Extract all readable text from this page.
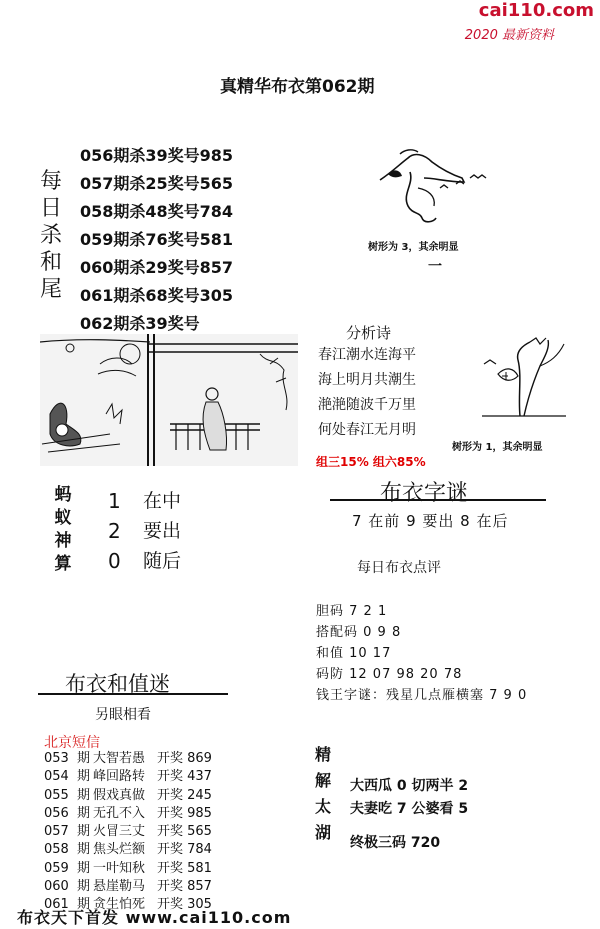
cai110.com
2020 最新资料
真精华布衣第062期
每
日
杀
和
尾
056期杀39奖号985
057期杀25奖号565
058期杀48奖号784
059期杀76奖号581
060期杀29奖号857
061期杀68奖号305
062期杀39奖号
树形为 3，其余明显
一
分析诗
春江潮水连海平
海上明月共潮生
滟滟随波千万里
何处春江无月明
树形为 1，其余明显
组三15% 组六85%
蚂
蚁
神
算
1
2
0
在中
要出
随后
布衣字谜
7 在前 9 要出 8 在后
每日布衣点评
胆码 7 2 1
搭配码 0 9 8
和值 10 17
码防 12 07 98 20 78
钱王字谜：残星几点雁横塞 7 9 0
布衣和值迷
另眼相看
北京短信
053 期 大智若愚 开奖 869
054 期 峰回路转 开奖 437
055 期 假戏真做 开奖 245
056 期 无孔不入 开奖 985
057 期 火冒三丈 开奖 565
058 期 焦头烂额 开奖 784
059 期 一叶知秋 开奖 581
060 期 悬崖勒马 开奖 857
061 期 贪生怕死 开奖 305
精
解
太
湖
大西瓜 0 切两半 2
夫妻吃 7 公婆看 5
终极三码 720
布衣天下首发 www.cai110.com
